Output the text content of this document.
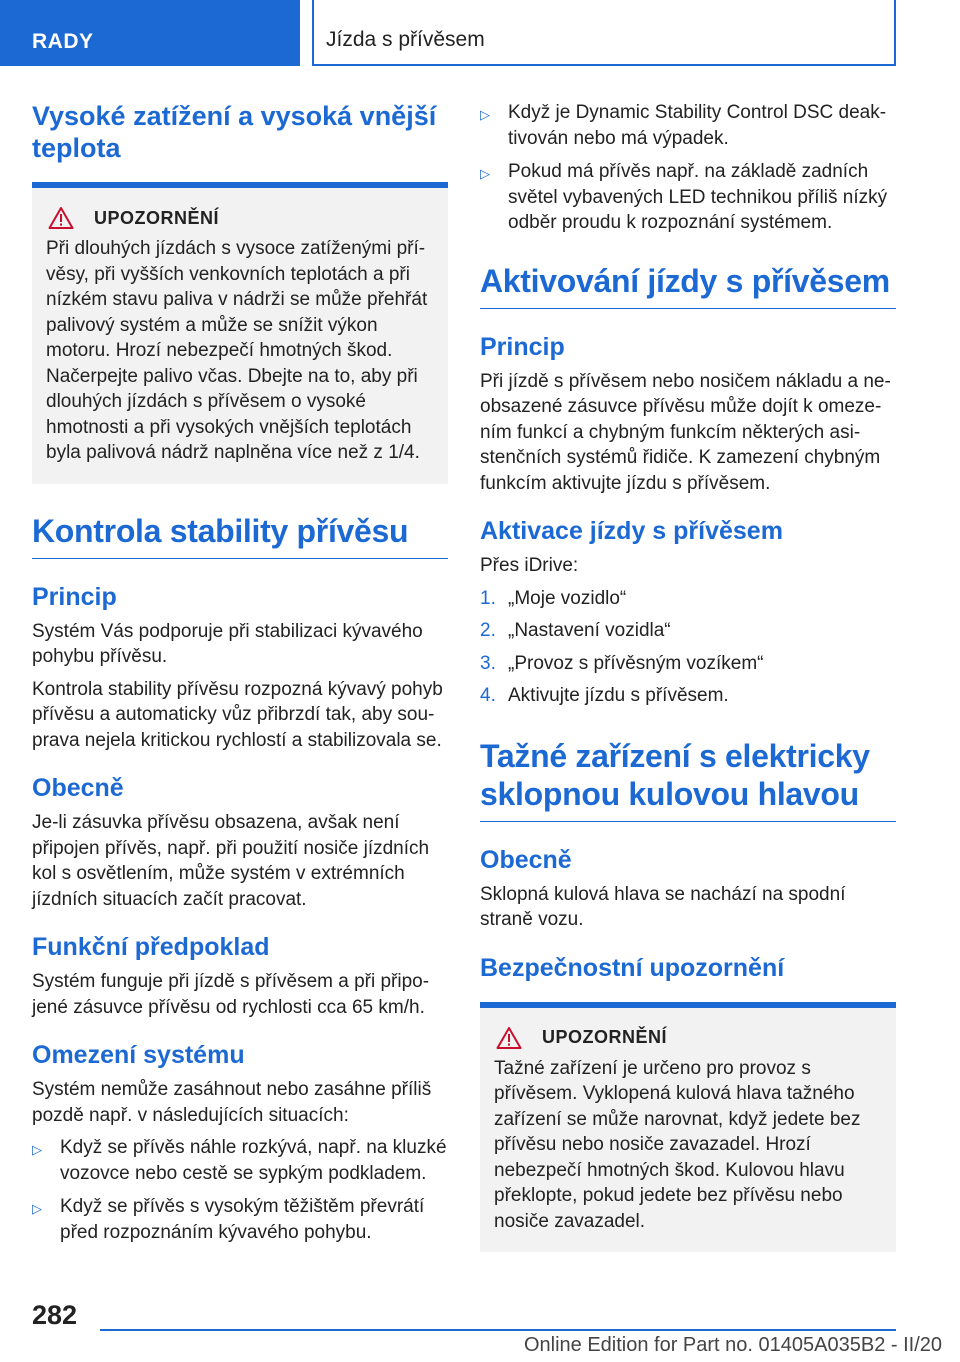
RADY	Jízda s přívěsem
Vysoké zatížení a vysoká vnější teplota
UPOZORNĚNÍ

Při dlouhých jízdách s vysoce zatíženými přívěsy, při vyšších venkovních teplotách a při nízkém stavu paliva v nádrži se může přehřát palivový systém a může se snížit výkon motoru. Hrozí nebezpečí hmotných škod. Načerpejte palivo včas. Dbejte na to, aby při dlouhých jízdách s přívěsem o vysoké hmotnosti a při vysokých vnějších teplotách byla palivová nádrž naplněna více než z 1/4.

Kontrola stability přívěsu
Princip

Systém Vás podporuje při stabilizaci kývavého pohybu přívěsu.

Kontrola stability přívěsu rozpozná kývavý pohyb přívěsu a automaticky vůz přibrzdí tak, aby souprava nejela kritickou rychlostí a stabilizovala se.

Obecně

Je-li zásuvka přívěsu obsazena, avšak není připojen přívěs, např. při použití nosiče jízdních kol s osvětlením, může systém v extrémních jízdních situacích začít pracovat.

Funkční předpoklad

Systém funguje při jízdě s přívěsem a při připojené zásuvce přívěsu od rychlosti cca 65 km/h.

Omezení systému

Systém nemůže zasáhnout nebo zasáhne příliš pozdě např. v následujících situacích:

▷ Když se přívěs náhle rozkývá, např. na kluzké vozovce nebo cestě se sypkým podkladem.
▷ Když se přívěs s vysokým těžištěm převrátí před rozpoznáním kývavého pohybu.
▷ Když je Dynamic Stability Control DSC deaktivován nebo má výpadek.
▷ Pokud má přívěs např. na základě zadních světel vybavených LED technikou příliš nízký odběr proudu k rozpoznání systémem.
Aktivování jízdy s přívěsem
Princip

Při jízdě s přívěsem nebo nosičem nákladu a neobsazené zásuvce přívěsu může dojít k omezením funkcí a chybným funkcím některých asistenčních systémů řidiče. K zamezení chybným funkcím aktivujte jízdu s přívěsem.

Aktivace jízdy s přívěsem

Přes iDrive:

1. „Moje vozidlo“
2. „Nastavení vozidla“
3. „Provoz s přívěsným vozíkem“
4. Aktivujte jízdu s přívěsem.
Tažné zařízení s elektricky sklopnou kulovou hlavou
Obecně

Sklopná kulová hlava se nachází na spodní straně vozu.

Bezpečnostní upozornění
UPOZORNĚNÍ

Tažné zařízení je určeno pro provoz s přívěsem. Vyklopená kulová hlava tažného zařízení se může narovnat, když jedete bez přívěsu nebo nosiče zavazadel. Hrozí nebezpečí hmotných škod. Kulovou hlavu překlopte, pokud jedete bez přívěsu nebo nosiče zavazadel.

282
Online Edition for Part no. 01405A035B2 - II/20
